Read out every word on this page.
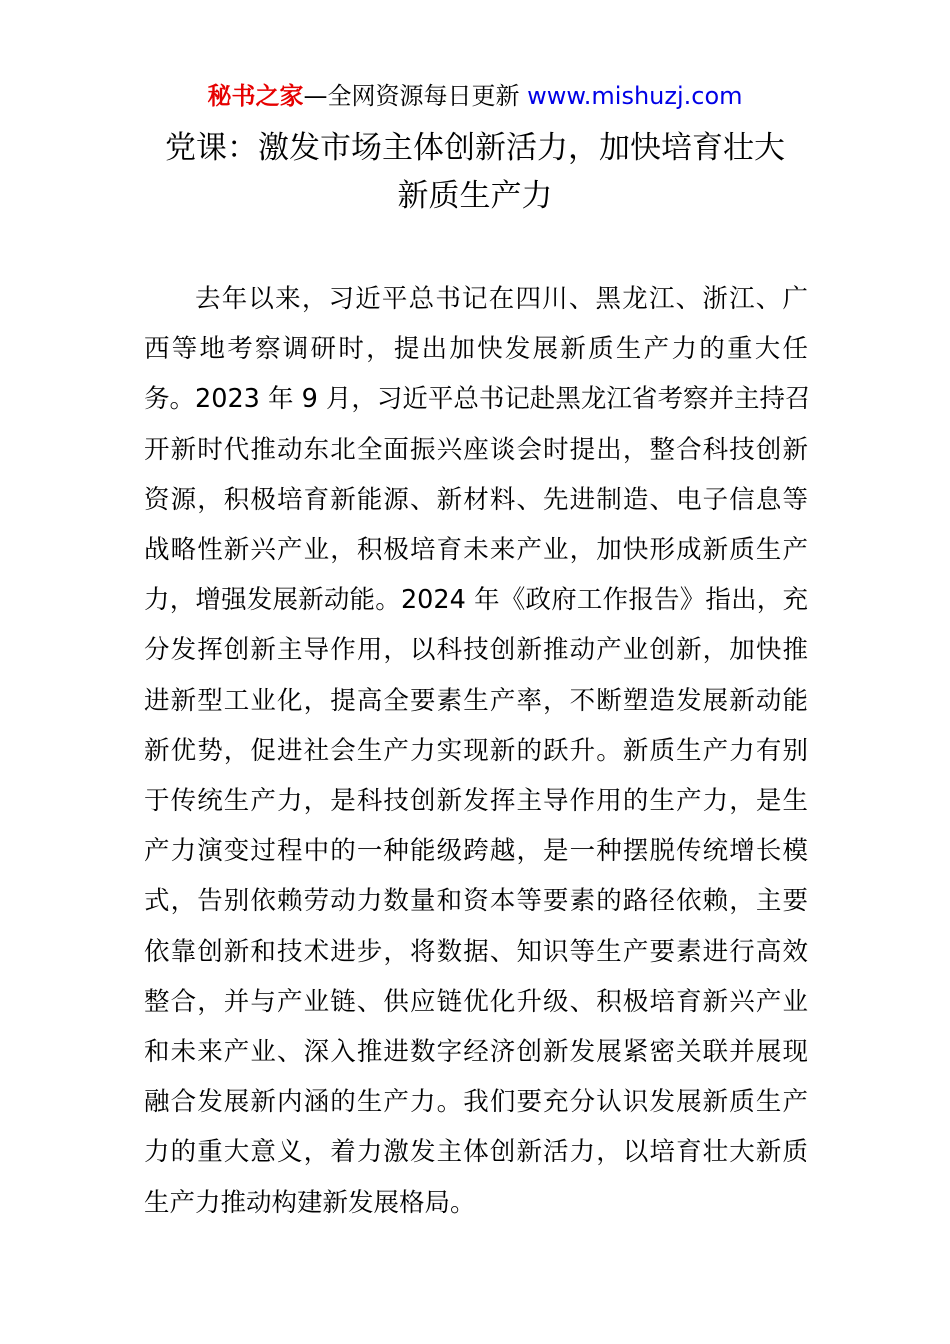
秘书之家—全网资源每日更新 www.mishuzj.com
党课：激发市场主体创新活力，加快培育壮大
新质生产力
去年以来，习近平总书记在四川、黑龙江、浙江、广
西等地考察调研时，提出加快发展新质生产力的重大任
务。2023 年 9 月，习近平总书记赴黑龙江省考察并主持召
开新时代推动东北全面振兴座谈会时提出，整合科技创新
资源，积极培育新能源、新材料、先进制造、电子信息等
战略性新兴产业，积极培育未来产业，加快形成新质生产
力，增强发展新动能。2024 年《政府工作报告》指出，充
分发挥创新主导作用，以科技创新推动产业创新，加快推
进新型工业化，提高全要素生产率，不断塑造发展新动能
新优势，促进社会生产力实现新的跃升。新质生产力有别
于传统生产力，是科技创新发挥主导作用的生产力，是生
产力演变过程中的一种能级跨越，是一种摆脱传统增长模
式，告别依赖劳动力数量和资本等要素的路径依赖，主要
依靠创新和技术进步，将数据、知识等生产要素进行高效
整合，并与产业链、供应链优化升级、积极培育新兴产业
和未来产业、深入推进数字经济创新发展紧密关联并展现
融合发展新内涵的生产力。我们要充分认识发展新质生产
力的重大意义，着力激发主体创新活力，以培育壮大新质
生产力推动构建新发展格局。
